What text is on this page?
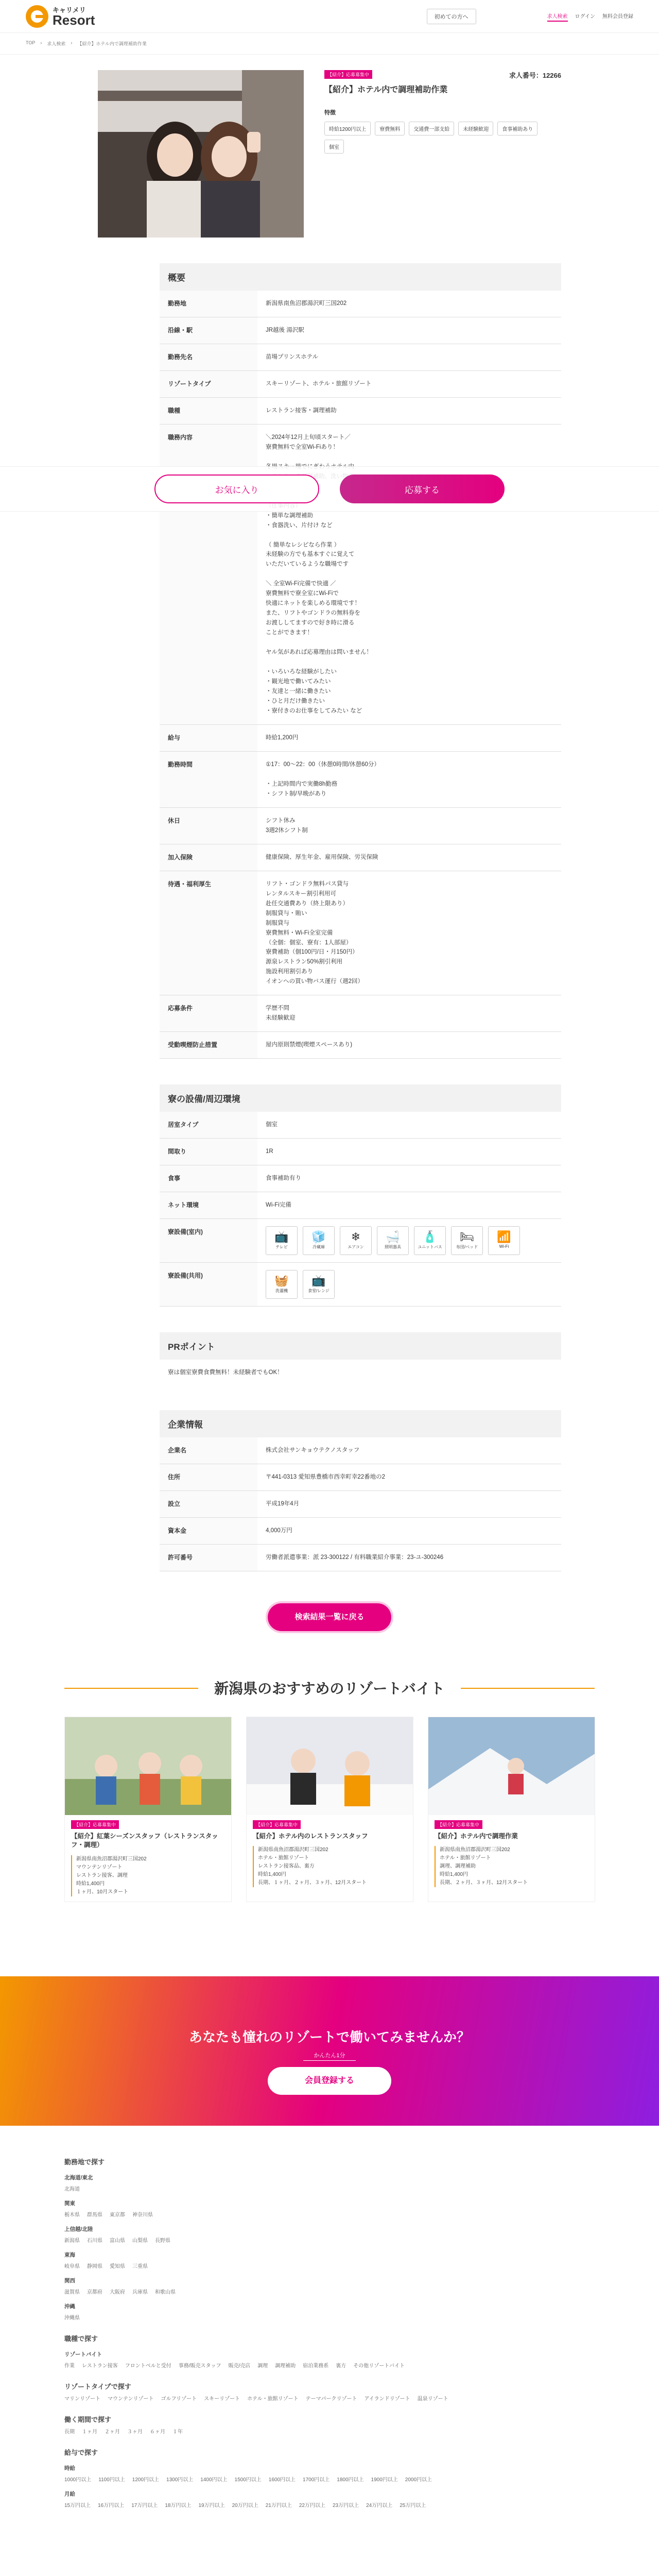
キャリメリ
Resort	初めての方へ	求人検索 ログイン 無料会員登録
TOP › 求人検索 › 【紹介】ホテル内で調理補助作業
【紹介】応募募集中	求人番号：12266
【紹介】ホテル内で調理補助作業
特徴
時給1200円以上	寮費無料	交通費一部支給	未経験歓迎	食事補助あり
個室
概要
勤務地	新潟県南魚沼郡湯沢町三国202
沿線・駅	JR越後 湯沢駅
勤務先名	苗場プリンスホテル
リゾートタイプ	スキーリゾート、ホテル・旅館リゾート
職種	レストラン接客・調理補助
職務内容	＼2024年12月上旬頃スタート／
寮費無料で全室Wi-Fiあり！

・簡単な調理補助
・食器洗い、片付け など

（ 簡単なレシピなら作業 ）
未経験の方でも基本すぐに覚えて
いただいているような職場です

＼ 全室Wi-Fi完備で快適 ／
寮費無料で寮全室にWi-Fiで
快適にネットを楽しめる環境です！
また、リフトやゴンドラの無料券を
お渡ししてますので好き時に滑る
ことができます！

ヤル気があれば応募理由は問いません！

・いろいろな経験がしたい
・観光地で働いてみたい
・友達と一緒に働きたい
・ひと月だけ働きたい
・寮付きのお仕事をしてみたい など
給与	時給1,200円
勤務時間	①17：00〜22：00（休憩0時間/休憩60分）

・上記時間内で実働8h勤務
・シフト制/早晩があり
休日	シフト休み
3週2休シフト制
加入保険	健康保険、厚生年金、雇用保険、労災保険
待遇・福利厚生	リフト・ゴンドラ無料パス貸与
レンタルスキー割引利用可
赴任交通費あり（終上限あり）
制服貸与・賄い
制服貸与
寮費無料・Wi-Fi全室完備
（全個：個室、寮有：1人部屋）
寮費補助（個100円/日・月150円）
源泉レストラン50%割引利用
施設利用割引あり
イオンへの買い物バス運行（週2回）
応募条件	学歴不問
未経験歓迎
受動喫煙防止措置	屋内原則禁煙(喫煙スペースあり)
寮の設備/周辺環境
居室タイプ	個室
間取り	1R
食事	食事補助有り
ネット環境	Wi-Fi完備
寮設備(室内)	📺
テレビ
🧊
冷蔵庫
❄
エアコン
🛁
照明器具
🧴
ユニットバス
🛏
布団/ベッド
📶
Wi-Fi
寮設備(共用)	🧺
洗濯機
📺
食堂/レンジ
PRポイント
寮は個室寮費食費無料！未経験者でもOK！
企業情報
企業名	株式会社サンキョウテクノスタッフ
住所	〒441-0313 愛知県豊橋市西幸町幸22番地の2
設立	平成19年4月
資本金	4,000万円
許可番号	労働者派遣事業：派 23-300122 / 有料職業紹介事業：23-ユ-300246
検索結果一覧に戻る
お気に入り	応募する
新潟県のおすすめのリゾートバイト
【紹介】応募募集中
【紹介】紅葉シーズンスタッフ（レストランスタッフ・調理）
新潟県南魚沼郡湯沢町三国202
マウンテンリゾート
レストラン接客、調理
時給1,400円
１ヶ月、10月スタート
【紹介】応募募集中
【紹介】ホテル内のレストランスタッフ
新潟県南魚沼郡湯沢町三国202
ホテル・旅館リゾート
レストラン接客品、裏方
時給1,400円
長期、１ヶ月、２ヶ月、３ヶ月、12月スタート
【紹介】応募募集中
【紹介】ホテル内で調理作業
新潟県南魚沼郡湯沢町三国202
ホテル・旅館リゾート
調理、調理補助
時給1,400円
長期、２ヶ月、３ヶ月、12月スタート
あなたも憧れのリゾートで働いてみませんか？
かんたん1分
会員登録する
勤務地で探す
北海道/東北
北海道
関東
栃木県 群馬県 東京都 神奈川県
上信越/北陸
新潟県 石川県 富山県 山梨県 長野県
東海
岐阜県 静岡県 愛知県 三重県
関西
滋賀県 京都府 大阪府 兵庫県 和歌山県
沖縄
沖縄県
職種で探す
リゾートバイト
作業 レストラン接客 フロントベルと受付 事務/販売スタッフ 販売/売店 調理 調理補助 宿泊業務系 裏方 その他リゾートバイト
リゾートタイプで探す
マリンリゾート マウンテンリゾート ゴルフリゾート スキーリゾート ホテル・旅館リゾート テーマパークリゾート アイランドリゾート 温泉リゾート
働く期間で探す
長期 １ヶ月 ２ヶ月 ３ヶ月 ６ヶ月 １年
給与で探す
時給
1000円以上 1100円以上 1200円以上 1300円以上 1400円以上 1500円以上 1600円以上 1700円以上 1800円以上 1900円以上 2000円以上
月給
15万円以上 16万円以上 17万円以上 18万円以上 19万円以上 20万円以上 21万円以上 22万円以上 23万円以上 24万円以上 25万円以上
